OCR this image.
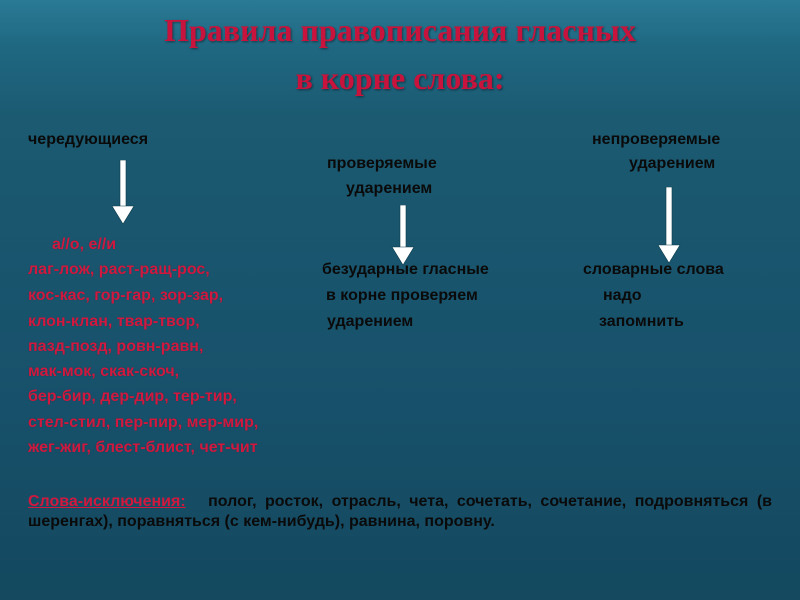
Правила правописания гласных
в корне слова:
чередующиеся
проверяемые
ударением
непроверяемые
ударением
а//о, е//и
лаг-лож, раст-ращ-рос,
кос-кас, гор-гар, зор-зар,
клон-клан, твар-твор,
пазд-позд, ровн-равн,
мак-мок, скак-скоч,
бер-бир, дер-дир, тер-тир,
стел-стил, пер-пир, мер-мир,
жег-жиг, блест-блист, чет-чит
безударные гласные
в корне проверяем
ударением
словарные слова
надо
запомнить
Слова-исключения: полог, росток, отрасль, чета, сочетать, сочетание, подровняться (в шеренгах), поравняться (с кем-нибудь), равнина, поровну.
